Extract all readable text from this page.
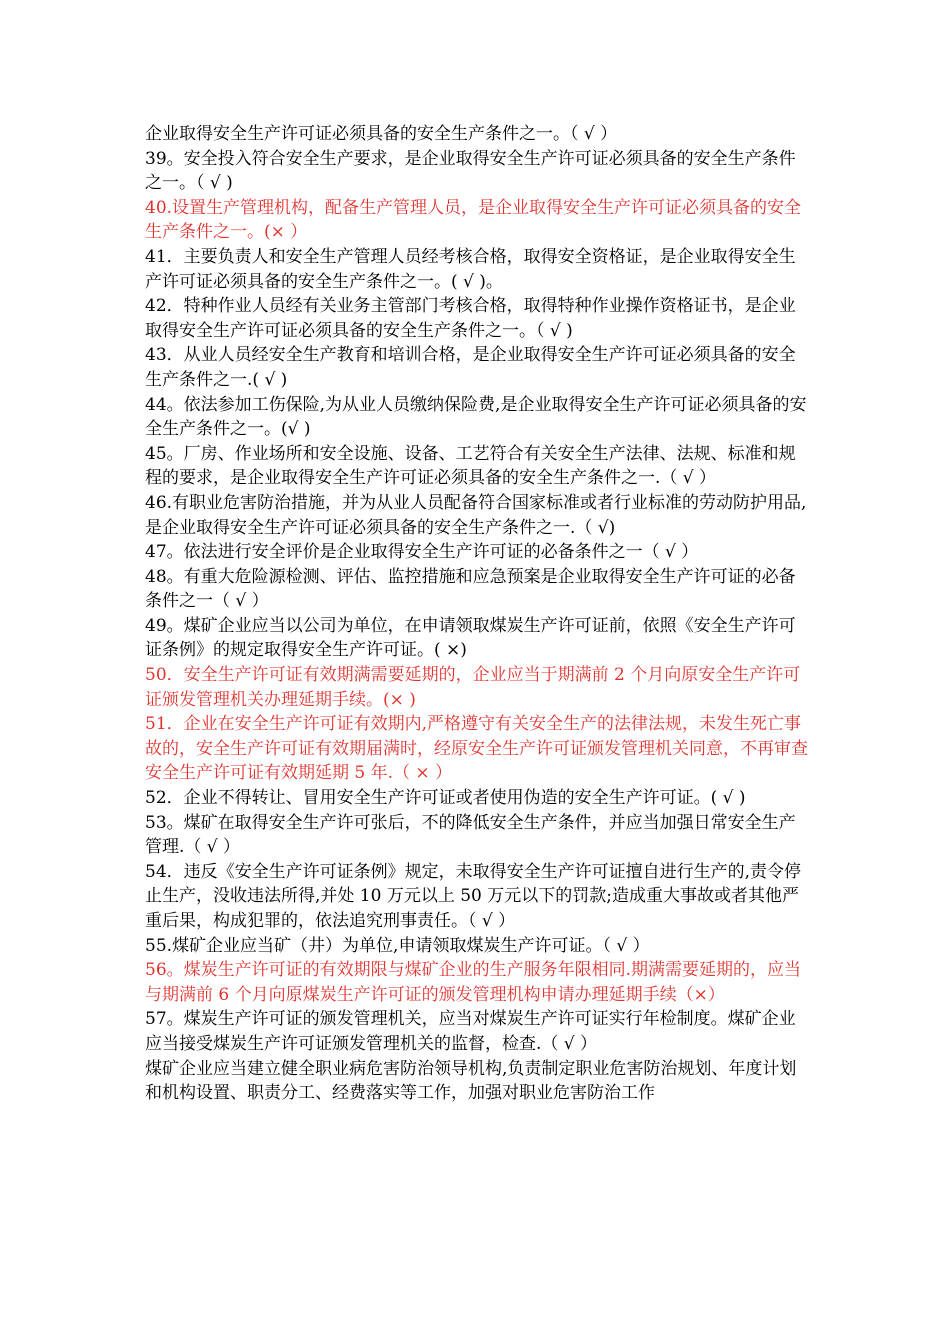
企业取得安全生产许可证必须具备的安全生产条件之一。（ √ ）

39。安全投入符合安全生产要求，是企业取得安全生产许可证必须具备的安全生产条件之一。（ √ )

40.设置生产管理机构，配备生产管理人员，是企业取得安全生产许可证必须具备的安全生产条件之一。(× ）

41．主要负责人和安全生产管理人员经考核合格，取得安全资格证，是企业取得安全生产许可证必须具备的安全生产条件之一。( √ )。

42．特种作业人员经有关业务主管部门考核合格，取得特种作业操作资格证书，是企业取得安全生产许可证必须具备的安全生产条件之一。（ √ )

43．从业人员经安全生产教育和培训合格，是企业取得安全生产许可证必须具备的安全生产条件之一.( √ )

44。依法参加工伤保险,为从业人员缴纳保险费,是企业取得安全生产许可证必须具备的安全生产条件之一。(√ )

45。厂房、作业场所和安全设施、设备、工艺符合有关安全生产法律、法规、标准和规程的要求，是企业取得安全生产许可证必须具备的安全生产条件之一.（ √ ）

46.有职业危害防治措施，并为从业人员配备符合国家标准或者行业标准的劳动防护用品,是企业取得安全生产许可证必须具备的安全生产条件之一.（ √)

47。依法进行安全评价是企业取得安全生产许可证的必备条件之一（ √ ）

48。有重大危险源检测、评估、监控措施和应急预案是企业取得安全生产许可证的必备条件之一（ √ ）

49。煤矿企业应当以公司为单位，在申请领取煤炭生产许可证前，依照《安全生产许可证条例》的规定取得安全生产许可证。( ×)

50．安全生产许可证有效期满需要延期的，企业应当于期满前 2 个月向原安全生产许可证颁发管理机关办理延期手续。(× )

51．企业在安全生产许可证有效期内,严格遵守有关安全生产的法律法规，未发生死亡事故的，安全生产许可证有效期届满时，经原安全生产许可证颁发管理机关同意，不再审查安全生产许可证有效期延期 5 年.（ × ）

52．企业不得转让、冒用安全生产许可证或者使用伪造的安全生产许可证。( √ )

53。煤矿在取得安全生产许可张后，不的降低安全生产条件，并应当加强日常安全生产管理.（ √ ）

54．违反《安全生产许可证条例》规定，未取得安全生产许可证擅自进行生产的,责令停止生产，没收违法所得,并处 10 万元以上 50 万元以下的罚款;造成重大事故或者其他严重后果，构成犯罪的，依法追究刑事责任。（ √ ）

55.煤矿企业应当矿（井）为单位,申请领取煤炭生产许可证。（ √ ）

56。煤炭生产许可证的有效期限与煤矿企业的生产服务年限相同.期满需要延期的，应当与期满前 6 个月向原煤炭生产许可证的颁发管理机构申请办理延期手续（×）

57。煤炭生产许可证的颁发管理机关，应当对煤炭生产许可证实行年检制度。煤矿企业

应当接受煤炭生产许可证颁发管理机关的监督，检查.（ √ ）

煤矿企业应当建立健全职业病危害防治领导机构,负责制定职业危害防治规划、年度计划和机构设置、职责分工、经费落实等工作，加强对职业危害防治工作
